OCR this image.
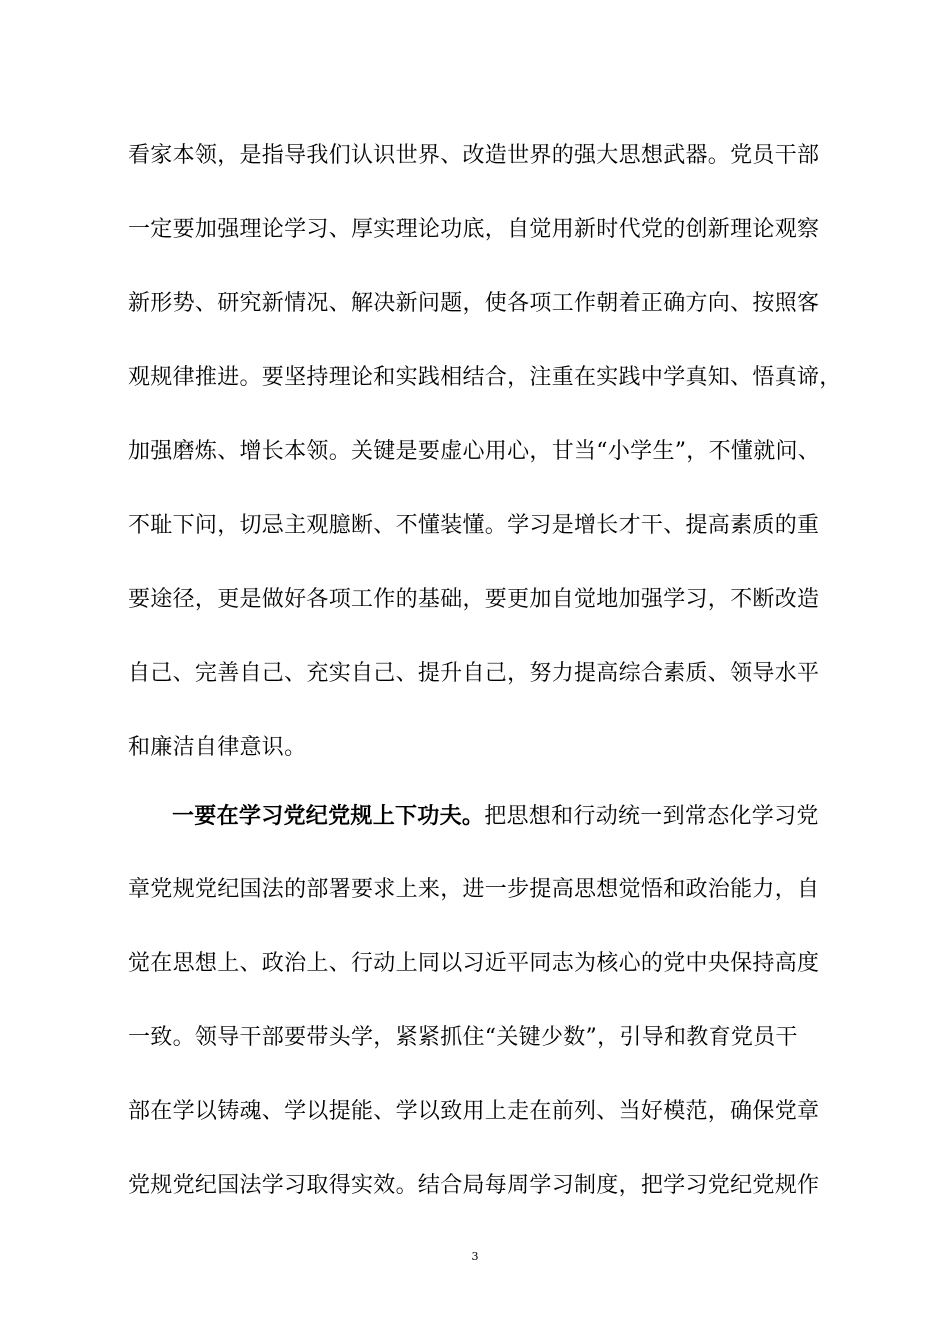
看家本领，是指导我们认识世界、改造世界的强大思想武器。党员干部
一定要加强理论学习、厚实理论功底，自觉用新时代党的创新理论观察
新形势、研究新情况、解决新问题，使各项工作朝着正确方向、按照客
观规律推进。要坚持理论和实践相结合，注重在实践中学真知、悟真谛，
加强磨炼、增长本领。关键是要虚心用心，甘当“小学生”，不懂就问、
不耻下问，切忌主观臆断、不懂装懂。学习是增长才干、提高素质的重
要途径，更是做好各项工作的基础，要更加自觉地加强学习，不断改造
自己、完善自己、充实自己、提升自己，努力提高综合素质、领导水平
和廉洁自律意识。
一要在学习党纪党规上下功夫。把思想和行动统一到常态化学习党
章党规党纪国法的部署要求上来，进一步提高思想觉悟和政治能力，自
觉在思想上、政治上、行动上同以习近平同志为核心的党中央保持高度
一致。领导干部要带头学，紧紧抓住“关键少数”，引导和教育党员干
部在学以铸魂、学以提能、学以致用上走在前列、当好模范，确保党章
党规党纪国法学习取得实效。结合局每周学习制度，把学习党纪党规作
3
